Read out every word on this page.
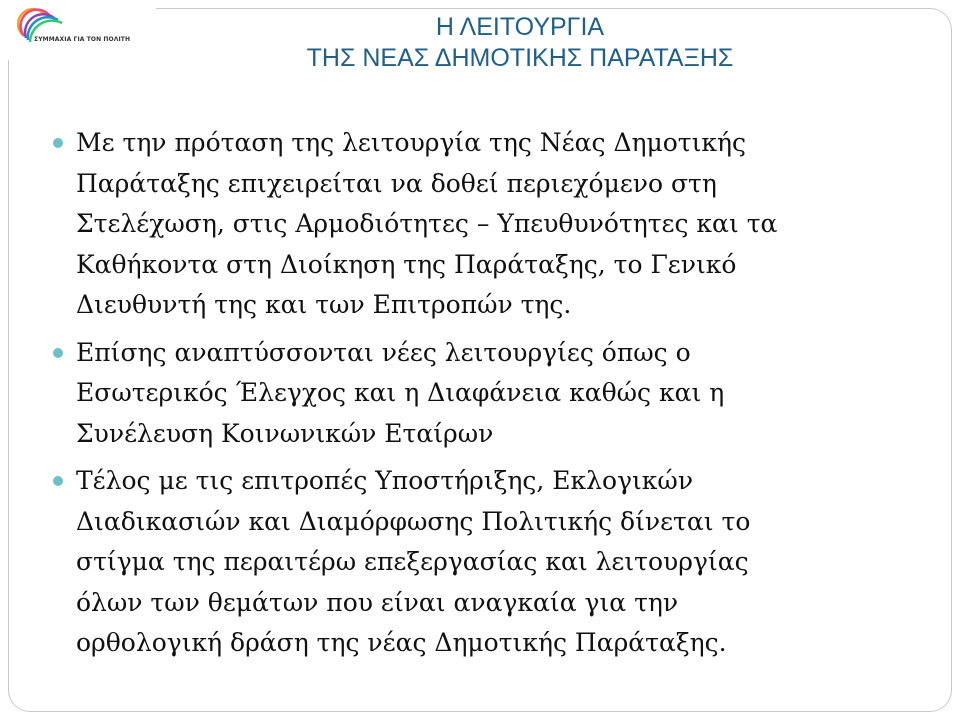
ΣΥΜΜΑΧΙΑ ΓΙΑ ΤΟΝ ΠΟΛΙΤΗ	Η ΛΕΙΤΟΥΡΓΙΑ
ΤΗΣ ΝΕΑΣ ΔΗΜΟΤΙΚΗΣ ΠΑΡΑΤΑΞΗΣ
Με την πρόταση της λειτουργία της Νέας Δημοτικής
Παράταξης επιχειρείται να δοθεί περιεχόμενο στη
Στελέχωση, στις Αρμοδιότητες – Υπευθυνότητες και τα
Καθήκοντα στη Διοίκηση της Παράταξης, το Γενικό
Διευθυντή της και των Επιτροπών της.
Επίσης αναπτύσσονται νέες λειτουργίες όπως ο
Εσωτερικός Έλεγχος και η Διαφάνεια καθώς και η
Συνέλευση Κοινωνικών Εταίρων
Τέλος με τις επιτροπές Υποστήριξης, Εκλογικών
Διαδικασιών και Διαμόρφωσης Πολιτικής δίνεται το
στίγμα της περαιτέρω επεξεργασίας και λειτουργίας
όλων των θεμάτων που είναι αναγκαία για την
ορθολογική δράση της νέας Δημοτικής Παράταξης.
